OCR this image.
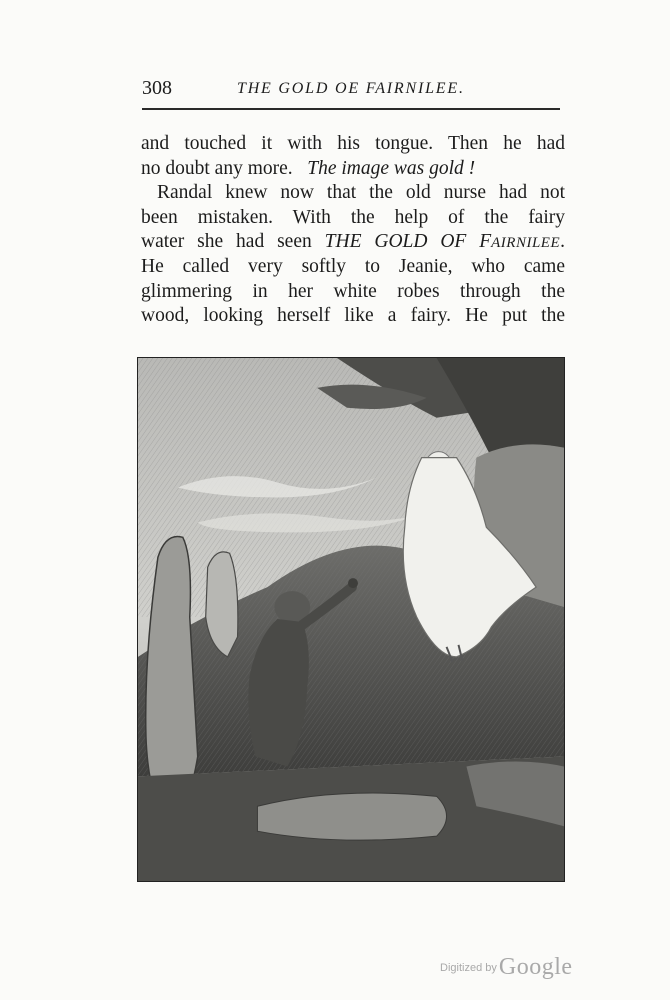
308	THE GOLD OE FAIRNILEE.
and touched it with his tongue. Then he had
no doubt any more. The image was gold !
Randal knew now that the old nurse had not
been mistaken. With the help of the fairy
water she had seen THE GOLD OF FAIRNILEE.
He called very softly to Jeanie, who came
glimmering in her white robes through the
wood, looking herself like a fairy. He put the
Digitized byGoogle
